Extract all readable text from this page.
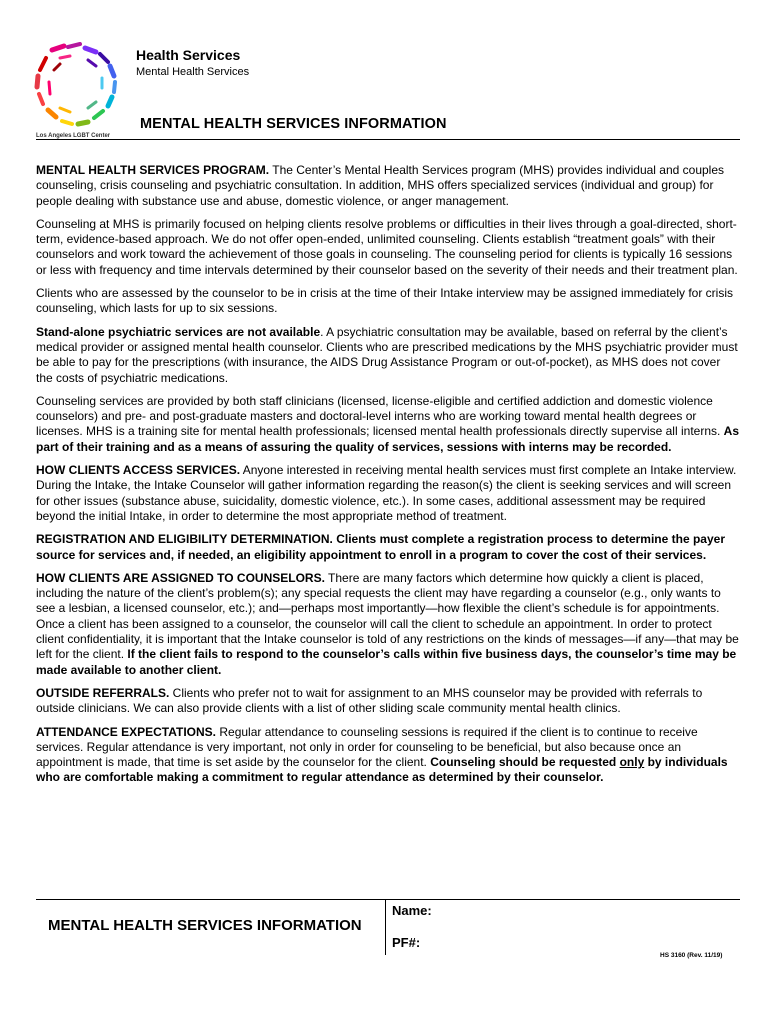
Los Angeles LGBT Center
Health Services
Mental Health Services
MENTAL HEALTH SERVICES INFORMATION

MENTAL HEALTH SERVICES PROGRAM. The Center’s Mental Health Services program (MHS) provides individual and couples counseling, crisis counseling and psychiatric consultation. In addition, MHS offers specialized services (individual and group) for people dealing with substance use and abuse, domestic violence, or anger management.

Counseling at MHS is primarily focused on helping clients resolve problems or difficulties in their lives through a goal-directed, short-term, evidence-based approach. We do not offer open-ended, unlimited counseling. Clients establish “treatment goals” with their counselors and work toward the achievement of those goals in counseling. The counseling period for clients is typically 16 sessions or less with frequency and time intervals determined by their counselor based on the severity of their needs and their treatment plan.

Clients who are assessed by the counselor to be in crisis at the time of their Intake interview may be assigned immediately for crisis counseling, which lasts for up to six sessions.

Stand-alone psychiatric services are not available. A psychiatric consultation may be available, based on referral by the client’s medical provider or assigned mental health counselor. Clients who are prescribed medications by the MHS psychiatric provider must be able to pay for the prescriptions (with insurance, the AIDS Drug Assistance Program or out-of-pocket), as MHS does not cover the costs of psychiatric medications.

Counseling services are provided by both staff clinicians (licensed, license-eligible and certified addiction and domestic violence counselors) and pre- and post-graduate masters and doctoral-level interns who are working toward mental health degrees or licenses. MHS is a training site for mental health professionals; licensed mental health professionals directly supervise all interns. As part of their training and as a means of assuring the quality of services, sessions with interns may be recorded.

HOW CLIENTS ACCESS SERVICES. Anyone interested in receiving mental health services must first complete an Intake interview. During the Intake, the Intake Counselor will gather information regarding the reason(s) the client is seeking services and will screen for other issues (substance abuse, suicidality, domestic violence, etc.). In some cases, additional assessment may be required beyond the initial Intake, in order to determine the most appropriate method of treatment.

REGISTRATION AND ELIGIBILITY DETERMINATION. Clients must complete a registration process to determine the payer source for services and, if needed, an eligibility appointment to enroll in a program to cover the cost of their services.

HOW CLIENTS ARE ASSIGNED TO COUNSELORS. There are many factors which determine how quickly a client is placed, including the nature of the client’s problem(s); any special requests the client may have regarding a counselor (e.g., only wants to see a lesbian, a licensed counselor, etc.); and—perhaps most importantly—how flexible the client’s schedule is for appointments. Once a client has been assigned to a counselor, the counselor will call the client to schedule an appointment. In order to protect client confidentiality, it is important that the Intake counselor is told of any restrictions on the kinds of messages—if any—that may be left for the client. If the client fails to respond to the counselor’s calls within five business days, the counselor’s time may be made available to another client.

OUTSIDE REFERRALS. Clients who prefer not to wait for assignment to an MHS counselor may be provided with referrals to outside clinicians. We can also provide clients with a list of other sliding scale community mental health clinics.

ATTENDANCE EXPECTATIONS. Regular attendance to counseling sessions is required if the client is to continue to receive services. Regular attendance is very important, not only in order for counseling to be beneficial, but also because once an appointment is made, that time is set aside by the counselor for the client. Counseling should be requested only by individuals who are comfortable making a commitment to regular attendance as determined by their counselor.

MENTAL HEALTH SERVICES INFORMATION
Name:
PF#:
HS 3160 (Rev. 11/19)
